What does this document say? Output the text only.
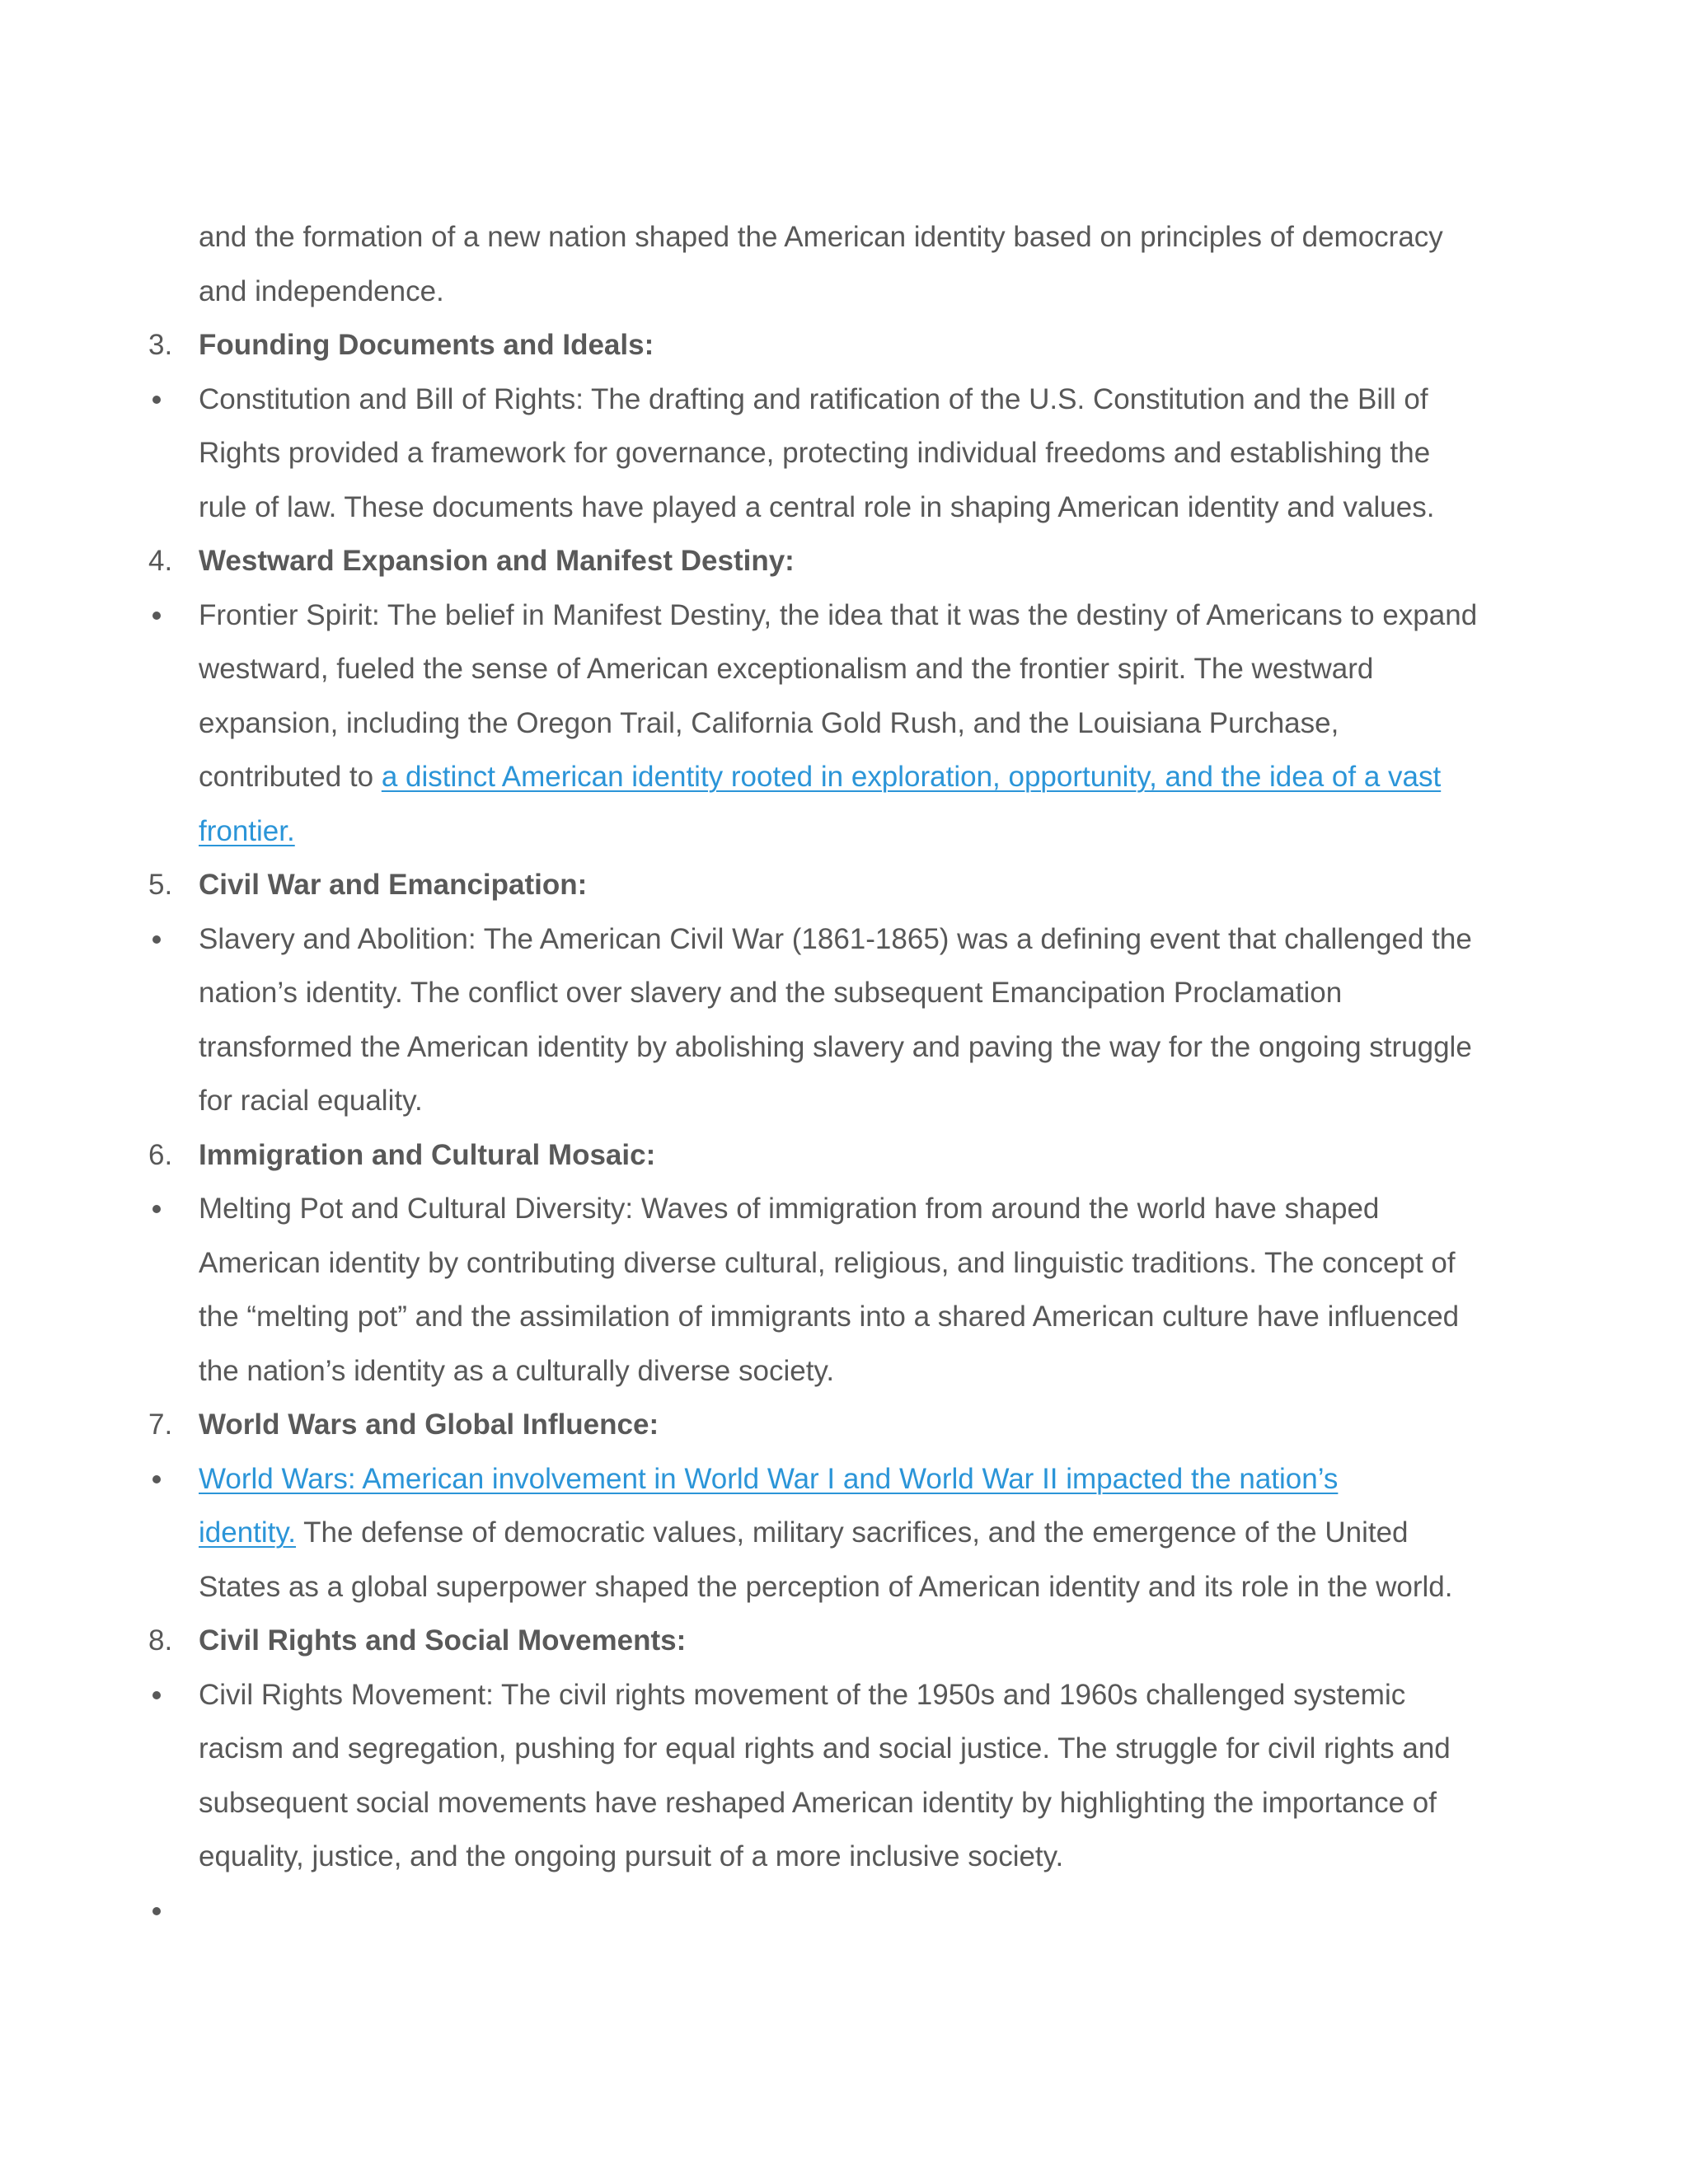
and the formation of a new nation shaped the American identity based on principles of democracy
and independence.
3. Founding Documents and Ideals:
Constitution and Bill of Rights: The drafting and ratification of the U.S. Constitution and the Bill of
Rights provided a framework for governance, protecting individual freedoms and establishing the
rule of law. These documents have played a central role in shaping American identity and values.
4. Westward Expansion and Manifest Destiny:
Frontier Spirit: The belief in Manifest Destiny, the idea that it was the destiny of Americans to expand
westward, fueled the sense of American exceptionalism and the frontier spirit. The westward
expansion, including the Oregon Trail, California Gold Rush, and the Louisiana Purchase,
contributed to a distinct American identity rooted in exploration, opportunity, and the idea of a vast
frontier.
5. Civil War and Emancipation:
Slavery and Abolition: The American Civil War (1861-1865) was a defining event that challenged the
nation’s identity. The conflict over slavery and the subsequent Emancipation Proclamation
transformed the American identity by abolishing slavery and paving the way for the ongoing struggle
for racial equality.
6. Immigration and Cultural Mosaic:
Melting Pot and Cultural Diversity: Waves of immigration from around the world have shaped
American identity by contributing diverse cultural, religious, and linguistic traditions. The concept of
the “melting pot” and the assimilation of immigrants into a shared American culture have influenced
the nation’s identity as a culturally diverse society.
7. World Wars and Global Influence:
World Wars: American involvement in World War I and World War II impacted the nation’s
identity. The defense of democratic values, military sacrifices, and the emergence of the United
States as a global superpower shaped the perception of American identity and its role in the world.
8. Civil Rights and Social Movements:
Civil Rights Movement: The civil rights movement of the 1950s and 1960s challenged systemic
racism and segregation, pushing for equal rights and social justice. The struggle for civil rights and
subsequent social movements have reshaped American identity by highlighting the importance of
equality, justice, and the ongoing pursuit of a more inclusive society.
